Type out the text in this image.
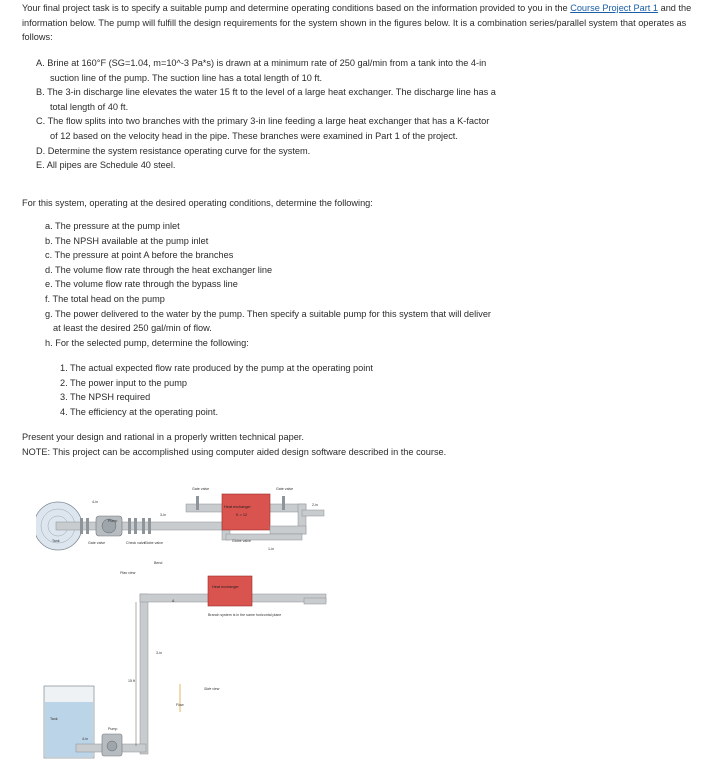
Your final project task is to specify a suitable pump and determine operating conditions based on the information provided to you in the Course Project Part 1 and the information below. The pump will fulfill the design requirements for the system shown in the figures below. It is a combination series/parallel system that operates as follows:

A. Brine at 160°F (SG=1.04, m=10^-3 Pa*s) is drawn at a minimum rate of 250 gal/min from a tank into the 4-in suction line of the pump. The suction line has a total length of 10 ft.
B. The 3-in discharge line elevates the water 15 ft to the level of a large heat exchanger. The discharge line has a total length of 40 ft.
C. The flow splits into two branches with the primary 3-in line feeding a large heat exchanger that has a K-factor of 12 based on the velocity head in the pipe. These branches were examined in Part 1 of the project.
D. Determine the system resistance operating curve for the system.
E. All pipes are Schedule 40 steel.

For this system, operating at the desired operating conditions, determine the following:

a. The pressure at the pump inlet
b. The NPSH available at the pump inlet
c. The pressure at point A before the branches
d. The volume flow rate through the heat exchanger line
e. The volume flow rate through the bypass line
f. The total head on the pump
g. The power delivered to the water by the pump. Then specify a suitable pump for this system that will deliver at least the desired 250 gal/min of flow.
h. For the selected pump, determine the following:
1. The actual expected flow rate produced by the pump at the operating point
2. The power input to the pump
3. The NPSH required
4. The efficiency at the operating point.

Present your design and rational in a properly written technical paper.

NOTE: This project can be accomplished using computer aided design software described in the course.

4-in
Pump
Tank	Gate valve	Check valve
Globe valve
3-in
Heat exchanger
K = 12
Globe valve
Gate valve	Gate valve
2-in
1-in
Bend
Plan view
A
Heat exchanger
Branch system is in the same horizontal plane
3-in
15 ft
Pump
Flow
Side view
4-in
Tank
